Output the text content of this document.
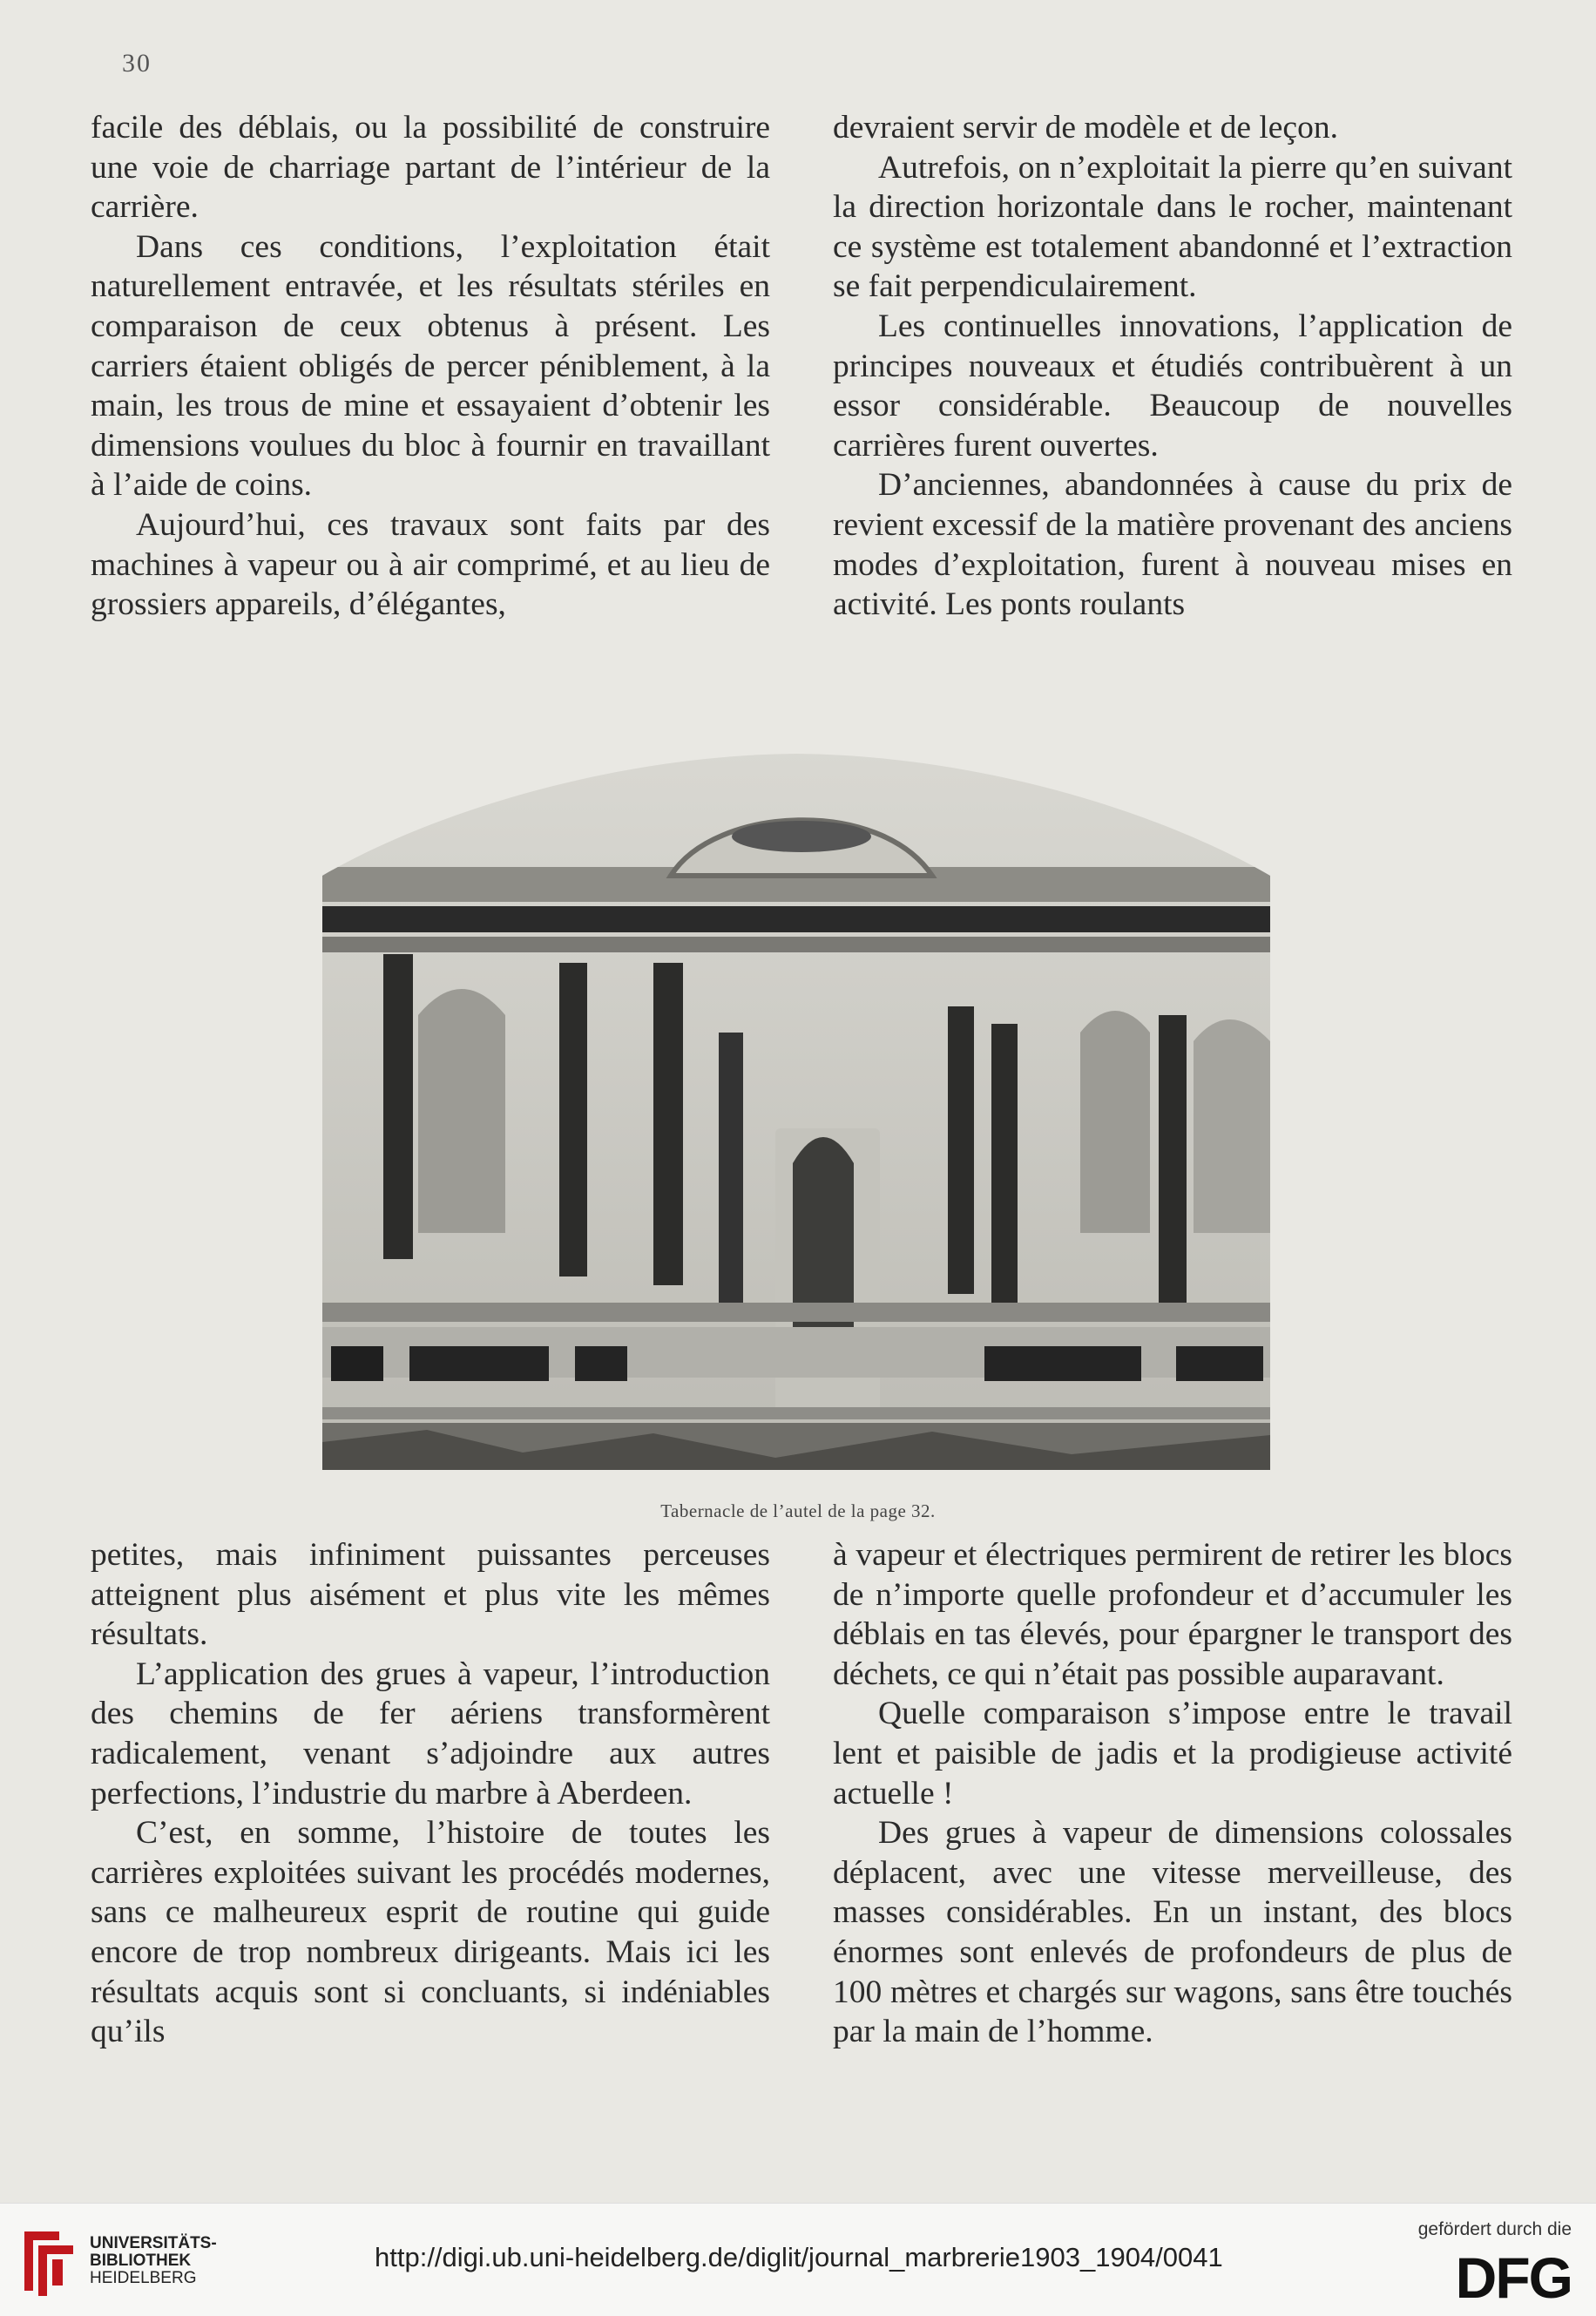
30

facile des déblais, ou la possibilité de construire une voie de charriage partant de l’intérieur de la carrière.

Dans ces conditions, l’exploitation était naturellement entravée, et les résultats stériles en comparaison de ceux obtenus à présent. Les carriers étaient obligés de percer péniblement, à la main, les trous de mine et essayaient d’obtenir les dimensions voulues du bloc à fournir en travaillant à l’aide de coins.

Aujourd’hui, ces travaux sont faits par des machines à vapeur ou à air comprimé, et au lieu de grossiers appareils, d’élégantes,

devraient servir de modèle et de leçon.

Autrefois, on n’exploitait la pierre qu’en suivant la direction horizontale dans le rocher, maintenant ce système est totalement abandonné et l’extraction se fait perpendiculairement.

Les continuelles innovations, l’application de principes nouveaux et étudiés contribuèrent à un essor considérable. Beaucoup de nouvelles carrières furent ouvertes.

D’anciennes, abandonnées à cause du prix de revient excessif de la matière provenant des anciens modes d’exploitation, furent à nouveau mises en activité. Les ponts roulants

Tabernacle de l’autel de la page 32.

petites, mais infiniment puissantes perceuses atteignent plus aisément et plus vite les mêmes résultats.

L’application des grues à vapeur, l’introduction des chemins de fer aériens transformèrent radicalement, venant s’adjoindre aux autres perfections, l’industrie du marbre à Aberdeen.

C’est, en somme, l’histoire de toutes les carrières exploitées suivant les procédés modernes, sans ce malheureux esprit de routine qui guide encore de trop nombreux dirigeants. Mais ici les résultats acquis sont si concluants, si indéniables qu’ils

à vapeur et électriques permirent de retirer les blocs de n’importe quelle profondeur et d’accumuler les déblais en tas élevés, pour épargner le transport des déchets, ce qui n’était pas possible auparavant.

Quelle comparaison s’impose entre le travail lent et paisible de jadis et la prodigieuse activité actuelle !

Des grues à vapeur de dimensions colossales déplacent, avec une vitesse merveilleuse, des masses considérables. En un instant, des blocs énormes sont enlevés de profondeurs de plus de 100 mètres et chargés sur wagons, sans être touchés par la main de l’homme.

UNIVERSITÄTS-
BIBLIOTHEK
HEIDELBERG
http://digi.ub.uni-heidelberg.de/diglit/journal_marbrerie1903_1904/0041
gefördert durch die
DFG
